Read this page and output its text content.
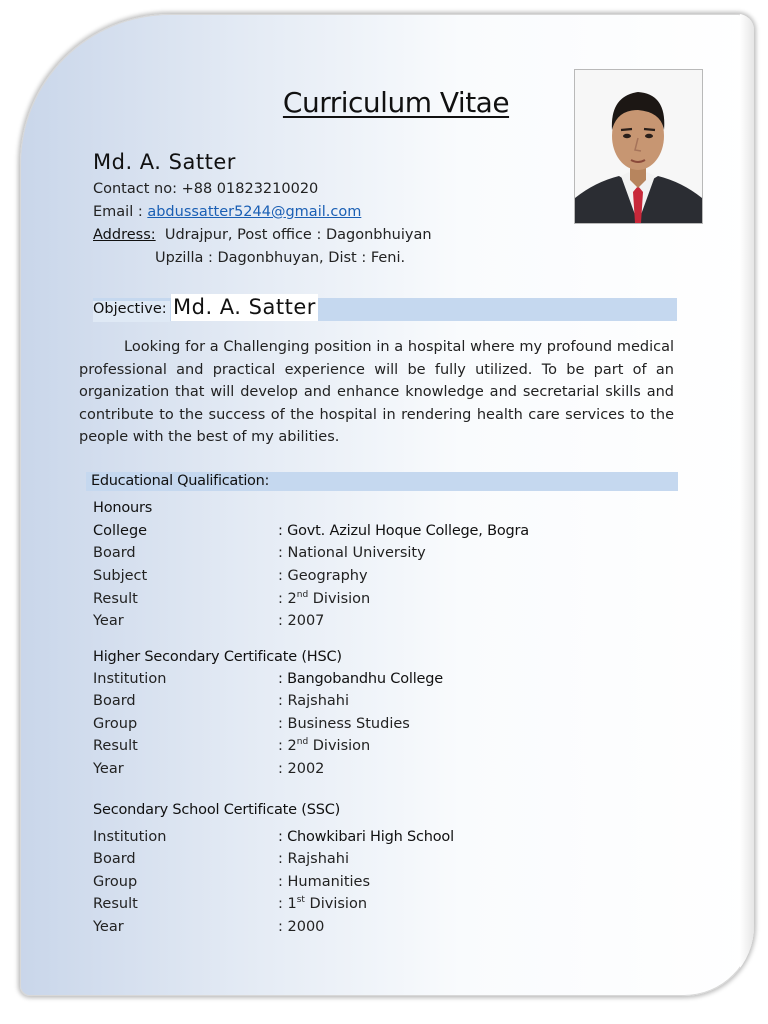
Curriculum Vitae
Md. A. Satter
Contact no: +88 01823210020
Email : abdussatter5244@gmail.com
Address: Udrajpur, Post office : Dagonbhuiyan
Upzilla : Dagonbhuyan, Dist : Feni.
Objective: Md. A. Satter
Looking for a Challenging position in a hospital where my profound medical professional and practical experience will be fully utilized. To be part of an organization that will develop and enhance knowledge and secretarial skills and contribute to the success of the hospital in rendering health care services to the people with the best of my abilities.
Educational Qualification:
Honours
College	: Govt. Azizul Hoque College, Bogra
Board	: National University
Subject	: Geography
Result	: 2nd Division
Year	: 2007
Higher Secondary Certificate (HSC)
Institution	: Bangobandhu College
Board	: Rajshahi
Group	: Business Studies
Result	: 2nd Division
Year	: 2002
Secondary School Certificate (SSC)
Institution	: Chowkibari High School
Board	: Rajshahi
Group	: Humanities
Result	: 1st Division
Year	: 2000
